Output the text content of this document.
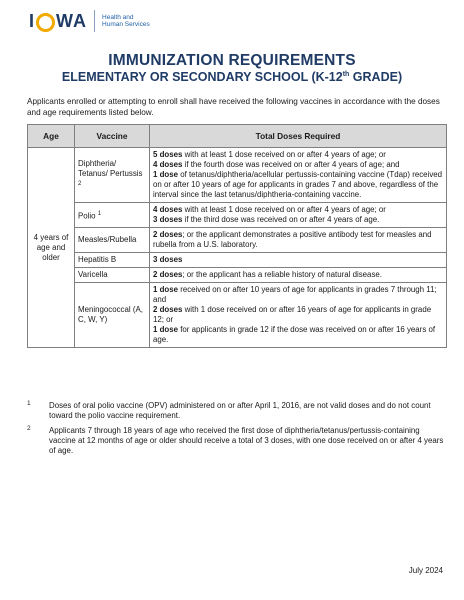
I WA Health and
Human Services
IMMUNIZATION REQUIREMENTS
ELEMENTARY OR SECONDARY SCHOOL (K-12th GRADE)
Applicants enrolled or attempting to enroll shall have received the following vaccines in accordance with the doses and age requirements listed below.
Age	Vaccine	Total Doses Required
4 years of age and older	Diphtheria/ Tetanus/ Pertussis $^2$	5 doses with at least 1 dose received on or after 4 years of age; or
4 doses if the fourth dose was received on or after 4 years of age; and
1 dose of tetanus/diphtheria/acellular pertussis-containing vaccine (Tdap) received on or after 10 years of age for applicants in grades 7 and above, regardless of the interval since the last tetanus/diphtheria-containing vaccine.
	Polio $^1$	4 doses with at least 1 dose received on or after 4 years of age; or
3 doses if the third dose was received on or after 4 years of age.
	Measles/Rubella	2 doses; or the applicant demonstrates a positive antibody test for measles and rubella from a U.S. laboratory.
	Hepatitis B	3 doses
	Varicella	2 doses; or the applicant has a reliable history of natural disease.
	Meningococcal (A, C, W, Y)	1 dose received on or after 10 years of age for applicants in grades 7 through 11; and
2 doses with 1 dose received on or after 16 years of age for applicants in grade 12; or
1 dose for applicants in grade 12 if the dose was received on or after 16 years of age.
1 Doses of oral polio vaccine (OPV) administered on or after April 1, 2016, are not valid doses and do not count toward the polio vaccine requirement.
2 Applicants 7 through 18 years of age who received the first dose of diphtheria/tetanus/pertussis-containing vaccine at 12 months of age or older should receive a total of 3 doses, with one dose received on or after 4 years of age.
July 2024
